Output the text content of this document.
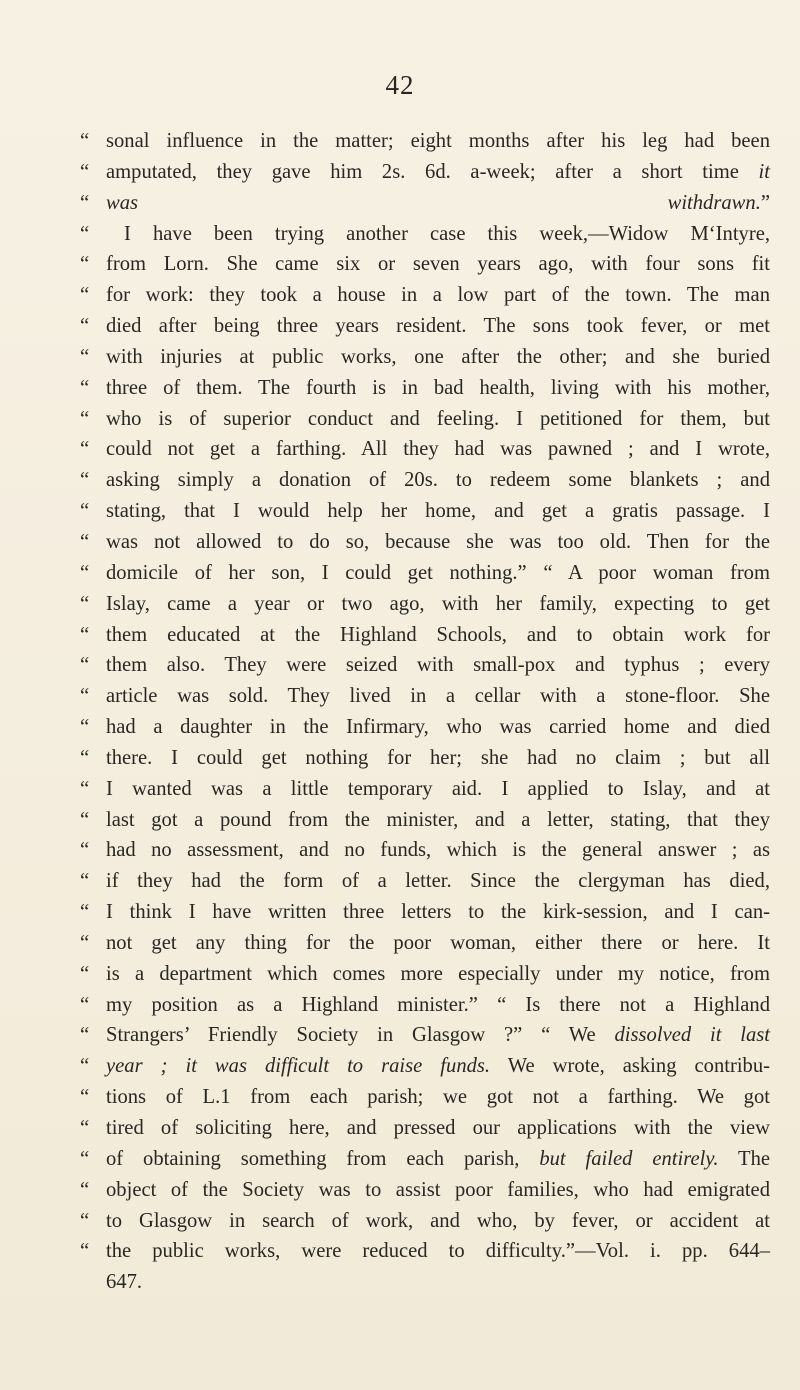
42
“sonal influence in the matter; eight months after his leg had been
“amputated, they gave him 2s. 6d. a-week; after a short time it
“was withdrawn.”
“I have been trying another case this week,—Widow M‘Intyre,
“from Lorn. She came six or seven years ago, with four sons fit
“for work: they took a house in a low part of the town. The man
“died after being three years resident. The sons took fever, or met
“with injuries at public works, one after the other; and she buried
“three of them. The fourth is in bad health, living with his mother,
“who is of superior conduct and feeling. I petitioned for them, but
“could not get a farthing. All they had was pawned ; and I wrote,
“asking simply a donation of 20s. to redeem some blankets ; and
“stating, that I would help her home, and get a gratis passage. I
“was not allowed to do so, because she was too old. Then for the
“domicile of her son, I could get nothing.” “ A poor woman from
“Islay, came a year or two ago, with her family, expecting to get
“them educated at the Highland Schools, and to obtain work for
“them also. They were seized with small-pox and typhus ; every
“article was sold. They lived in a cellar with a stone-floor. She
“had a daughter in the Infirmary, who was carried home and died
“there. I could get nothing for her; she had no claim ; but all
“I wanted was a little temporary aid. I applied to Islay, and at
“last got a pound from the minister, and a letter, stating, that they
“had no assessment, and no funds, which is the general answer ; as
“if they had the form of a letter. Since the clergyman has died,
“I think I have written three letters to the kirk-session, and I can-
“not get any thing for the poor woman, either there or here. It
“is a department which comes more especially under my notice, from
“my position as a Highland minister.” “ Is there not a Highland
“Strangers’ Friendly Society in Glasgow ?” “ We dissolved it last
“year ; it was difficult to raise funds. We wrote, asking contribu-
“tions of L.1 from each parish; we got not a farthing. We got
“tired of soliciting here, and pressed our applications with the view
“of obtaining something from each parish, but failed entirely. The
“object of the Society was to assist poor families, who had emigrated
“to Glasgow in search of work, and who, by fever, or accident at
“the public works, were reduced to difficulty.”—Vol. i. pp. 644–
647.
